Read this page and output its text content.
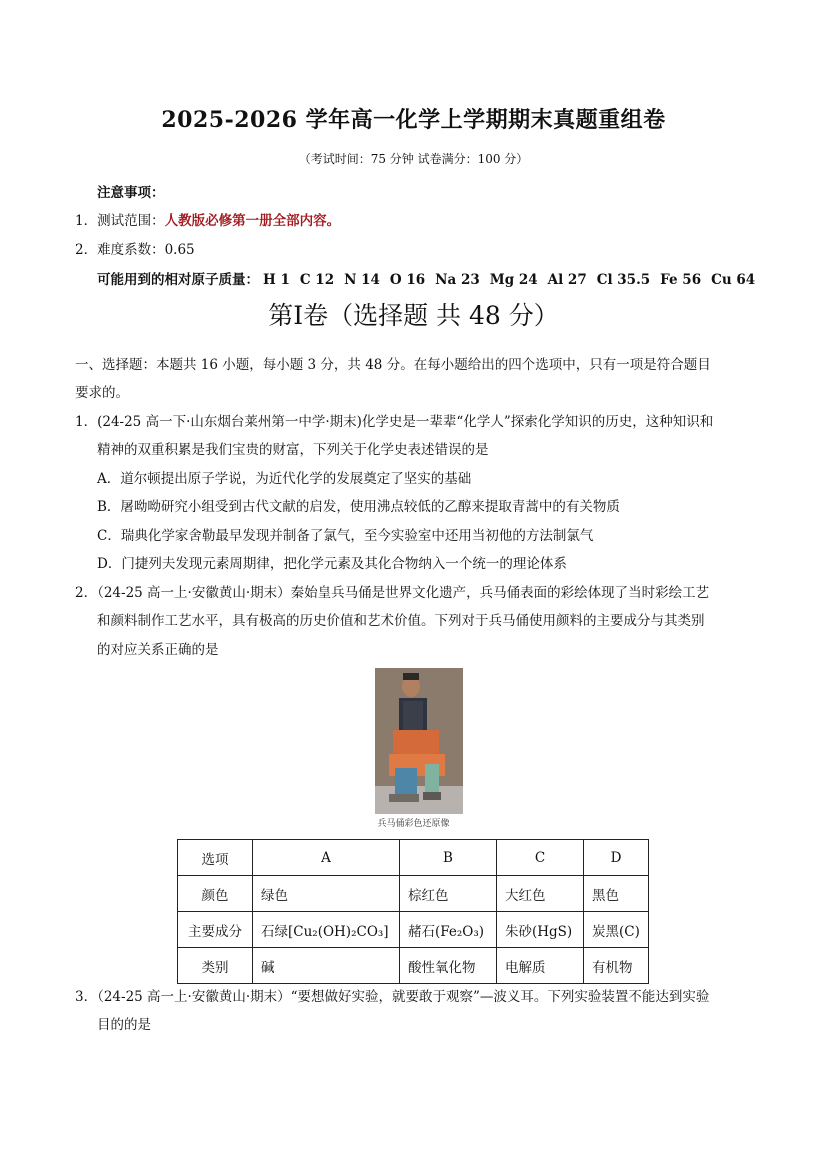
2025-2026 学年高一化学上学期期末真题重组卷
（考试时间：75 分钟 试卷满分：100 分）
注意事项：
1．测试范围：人教版必修第一册全部内容。
2．难度系数：0.65
可能用到的相对原子质量： H 1 C 12 N 14 O 16 Na 23 Mg 24 Al 27 Cl 35.5 Fe 56 Cu 64
第I卷（选择题 共 48 分）
一、选择题：本题共 16 小题，每小题 3 分，共 48 分。在每小题给出的四个选项中，只有一项是符合题目
要求的。
1．(24-25 高一下·山东烟台莱州第一中学·期末)化学史是一辈辈“化学人”探索化学知识的历史，这种知识和
精神的双重积累是我们宝贵的财富，下列关于化学史表述错误的是
A．道尔顿提出原子学说，为近代化学的发展奠定了坚实的基础
B．屠呦呦研究小组受到古代文献的启发，使用沸点较低的乙醇来提取青蒿中的有关物质
C．瑞典化学家舍勒最早发现并制备了氯气，至今实验室中还用当初他的方法制氯气
D．门捷列夫发现元素周期律，把化学元素及其化合物纳入一个统一的理论体系
2．（24-25 高一上·安徽黄山·期末）秦始皇兵马俑是世界文化遗产，兵马俑表面的彩绘体现了当时彩绘工艺
和颜料制作工艺水平，具有极高的历史价值和艺术价值。下列对于兵马俑使用颜料的主要成分与其类别
的对应关系正确的是
兵马俑彩色还原像
选项	A	B	C	D
颜色	绿色	棕红色	大红色	黑色
主要成分	石绿[Cu₂(OH)₂CO₃]	赭石(Fe₂O₃)	朱砂(HgS)	炭黑(C)
类别	碱	酸性氧化物	电解质	有机物
3．（24-25 高一上·安徽黄山·期末）“要想做好实验，就要敢于观察”—波义耳。下列实验装置不能达到实验
目的的是
